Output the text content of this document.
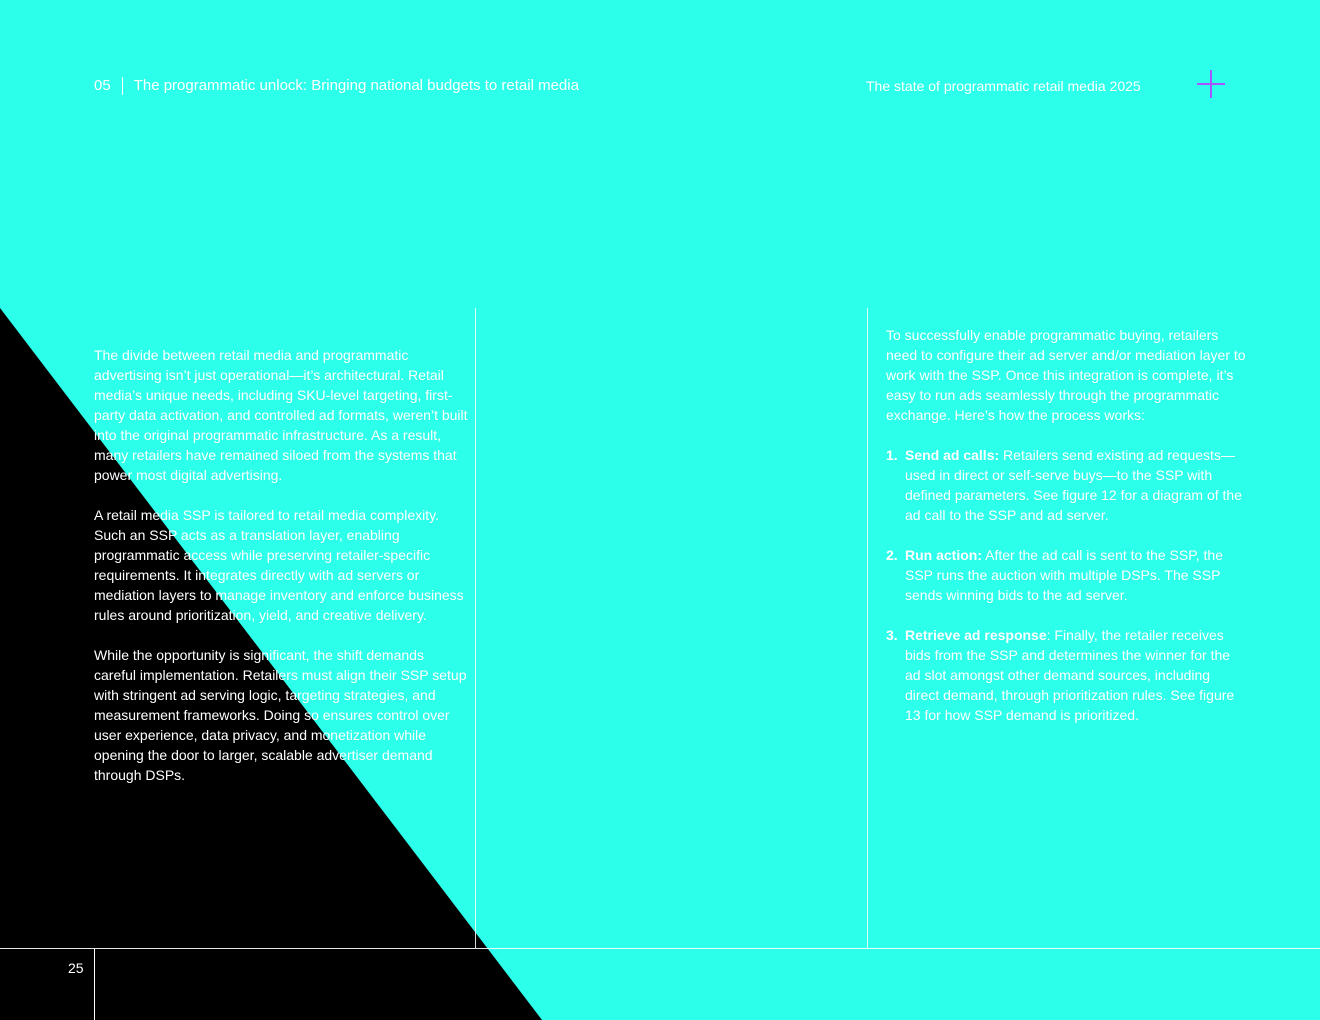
05 The programmatic unlock: Bringing national budgets to retail media	The state of programmatic retail media 2025
25

The divide between retail media and programmatic advertising isn’t just operational—it’s architectural. Retail media’s unique needs, including SKU-level targeting, first-party data activation, and controlled ad formats, weren’t built into the original programmatic infrastructure. As a result, many retailers have remained siloed from the systems that power most digital advertising.

A retail media SSP is tailored to retail media complexity. Such an SSP acts as a translation layer, enabling programmatic access while preserving retailer-specific requirements. It integrates directly with ad servers or mediation layers to manage inventory and enforce business rules around prioritization, yield, and creative delivery.

While the opportunity is significant, the shift demands careful implementation. Retailers must align their SSP setup with stringent ad serving logic, targeting strategies, and measurement frameworks. Doing so ensures control over user experience, data privacy, and monetization while opening the door to larger, scalable advertiser demand through DSPs.

To successfully enable programmatic buying, retailers need to configure their ad server and/or mediation layer to work with the SSP. Once this integration is complete, it’s easy to run ads seamlessly through the programmatic exchange. Here’s how the process works:

1. Send ad calls: Retailers send existing ad requests—used in direct or self-serve buys—to the SSP with defined parameters. See figure 12 for a diagram of the ad call to the SSP and ad server.
2. Run action: After the ad call is sent to the SSP, the SSP runs the auction with multiple DSPs. The SSP sends winning bids to the ad server.
3. Retrieve ad response: Finally, the retailer receives bids from the SSP and determines the winner for the ad slot amongst other demand sources, including direct demand, through prioritization rules. See figure 13 for how SSP demand is prioritized.
